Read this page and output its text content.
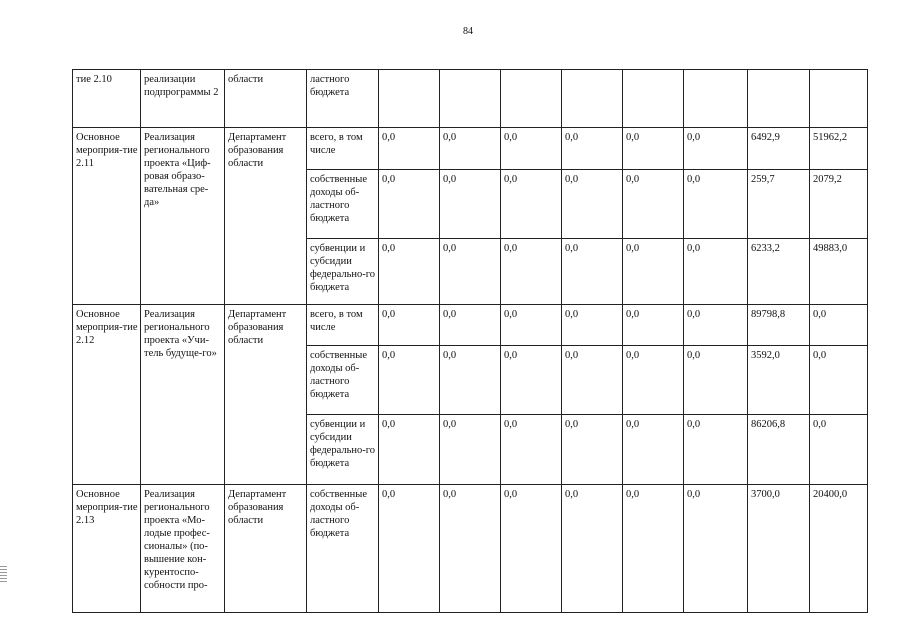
84
тие 2.10	реализации подпрограммы 2	области	ластного бюджета								
Основное мероприя-тие 2.11	Реализация регионального проекта «Циф-ровая образо-вательная сре-да»	Департамент образования области	всего, в том числе	0,0	0,0	0,0	0,0	0,0	0,0	6492,9	51962,2
			собственные доходы об-ластного бюджета	0,0	0,0	0,0	0,0	0,0	0,0	259,7	2079,2
			субвенции и субсидии федерально-го бюджета	0,0	0,0	0,0	0,0	0,0	0,0	6233,2	49883,0
Основное мероприя-тие 2.12	Реализация регионального проекта «Учи-тель будуще-го»	Департамент образования области	всего, в том числе	0,0	0,0	0,0	0,0	0,0	0,0	89798,8	0,0
			собственные доходы об-ластного бюджета	0,0	0,0	0,0	0,0	0,0	0,0	3592,0	0,0
			субвенции и субсидии федерально-го бюджета	0,0	0,0	0,0	0,0	0,0	0,0	86206,8	0,0
Основное мероприя-тие 2.13	Реализация регионального проекта «Мо-лодые профес-сионалы» (по-вышение кон-курентоспо-собности про-	Департамент образования области	собственные доходы об-ластного бюджета	0,0	0,0	0,0	0,0	0,0	0,0	3700,0	20400,0
